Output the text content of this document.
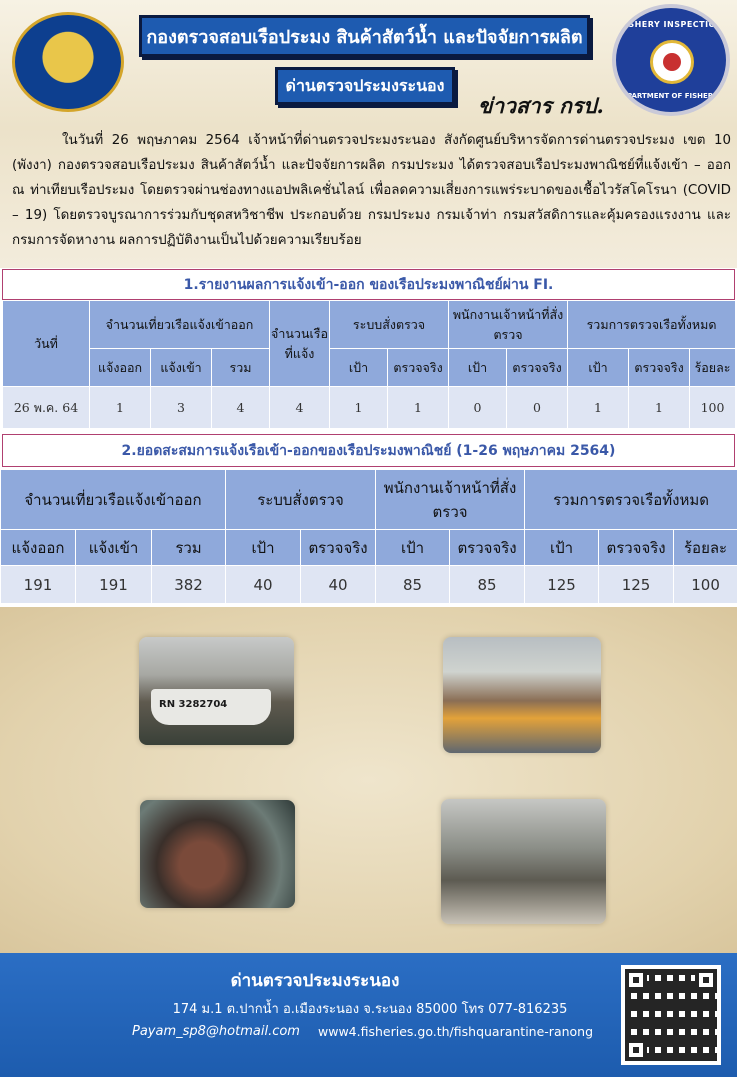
กองตรวจสอบเรือประมง สินค้าสัตว์น้ำ และปัจจัยการผลิต
ด่านตรวจประมงระนอง
ข่าวสาร กรป.
FISHERY INSPECTION
DEPARTMENT OF FISHERIES

ในวันที่ 26 พฤษภาคม 2564 เจ้าหน้าที่ด่านตรวจประมงระนอง สังกัดศูนย์บริหารจัดการด่านตรวจประมง เขต 10 (พังงา) กองตรวจสอบเรือประมง สินค้าสัตว์น้ำ และปัจจัยการผลิต กรมประมง ได้ตรวจสอบเรือประมงพาณิชย์ที่แจ้งเข้า – ออก ณ ท่าเทียบเรือประมง โดยตรวจผ่านช่องทางแอปพลิเคชั่นไลน์ เพื่อลดความเสี่ยงการแพร่ระบาดของเชื้อไวรัสโคโรนา (COVID – 19) โดยตรวจบูรณาการร่วมกับชุดสหวิชาชีพ ประกอบด้วย กรมประมง กรมเจ้าท่า กรมสวัสดิการและคุ้มครองแรงงาน และกรมการจัดหางาน ผลการปฏิบัติงานเป็นไปด้วยความเรียบร้อย

1.รายงานผลการแจ้งเข้า-ออก ของเรือประมงพาณิชย์ผ่าน FI.
วันที่	จำนวนเที่ยวเรือแจ้งเข้าออก			จำนวนเรือที่แจ้ง	ระบบสั่งตรวจ		พนักงานเจ้าหน้าที่สั่งตรวจ		รวมการตรวจเรือทั้งหมด		
	แจ้งออก	แจ้งเข้า	รวม		เป้า	ตรวจจริง	เป้า	ตรวจจริง	เป้า	ตรวจจริง	ร้อยละ
26 พ.ค. 64	1	3	4	4	1	1	0	0	1	1	100
2.ยอดสะสมการแจ้งเรือเข้า-ออกของเรือประมงพาณิชย์ (1-26 พฤษภาคม 2564)
จำนวนเที่ยวเรือแจ้งเข้าออก			ระบบสั่งตรวจ		พนักงานเจ้าหน้าที่สั่งตรวจ		รวมการตรวจเรือทั้งหมด		
แจ้งออก	แจ้งเข้า	รวม	เป้า	ตรวจจริง	เป้า	ตรวจจริง	เป้า	ตรวจจริง	ร้อยละ
191	191	382	40	40	85	85	125	125	100
RN 3282704
ด่านตรวจประมงระนอง
174 ม.1 ต.ปากน้ำ อ.เมืองระนอง จ.ระนอง 85000 โทร 077-816235
Payam_sp8@hotmail.com www4.fisheries.go.th/fishquarantine-ranong
